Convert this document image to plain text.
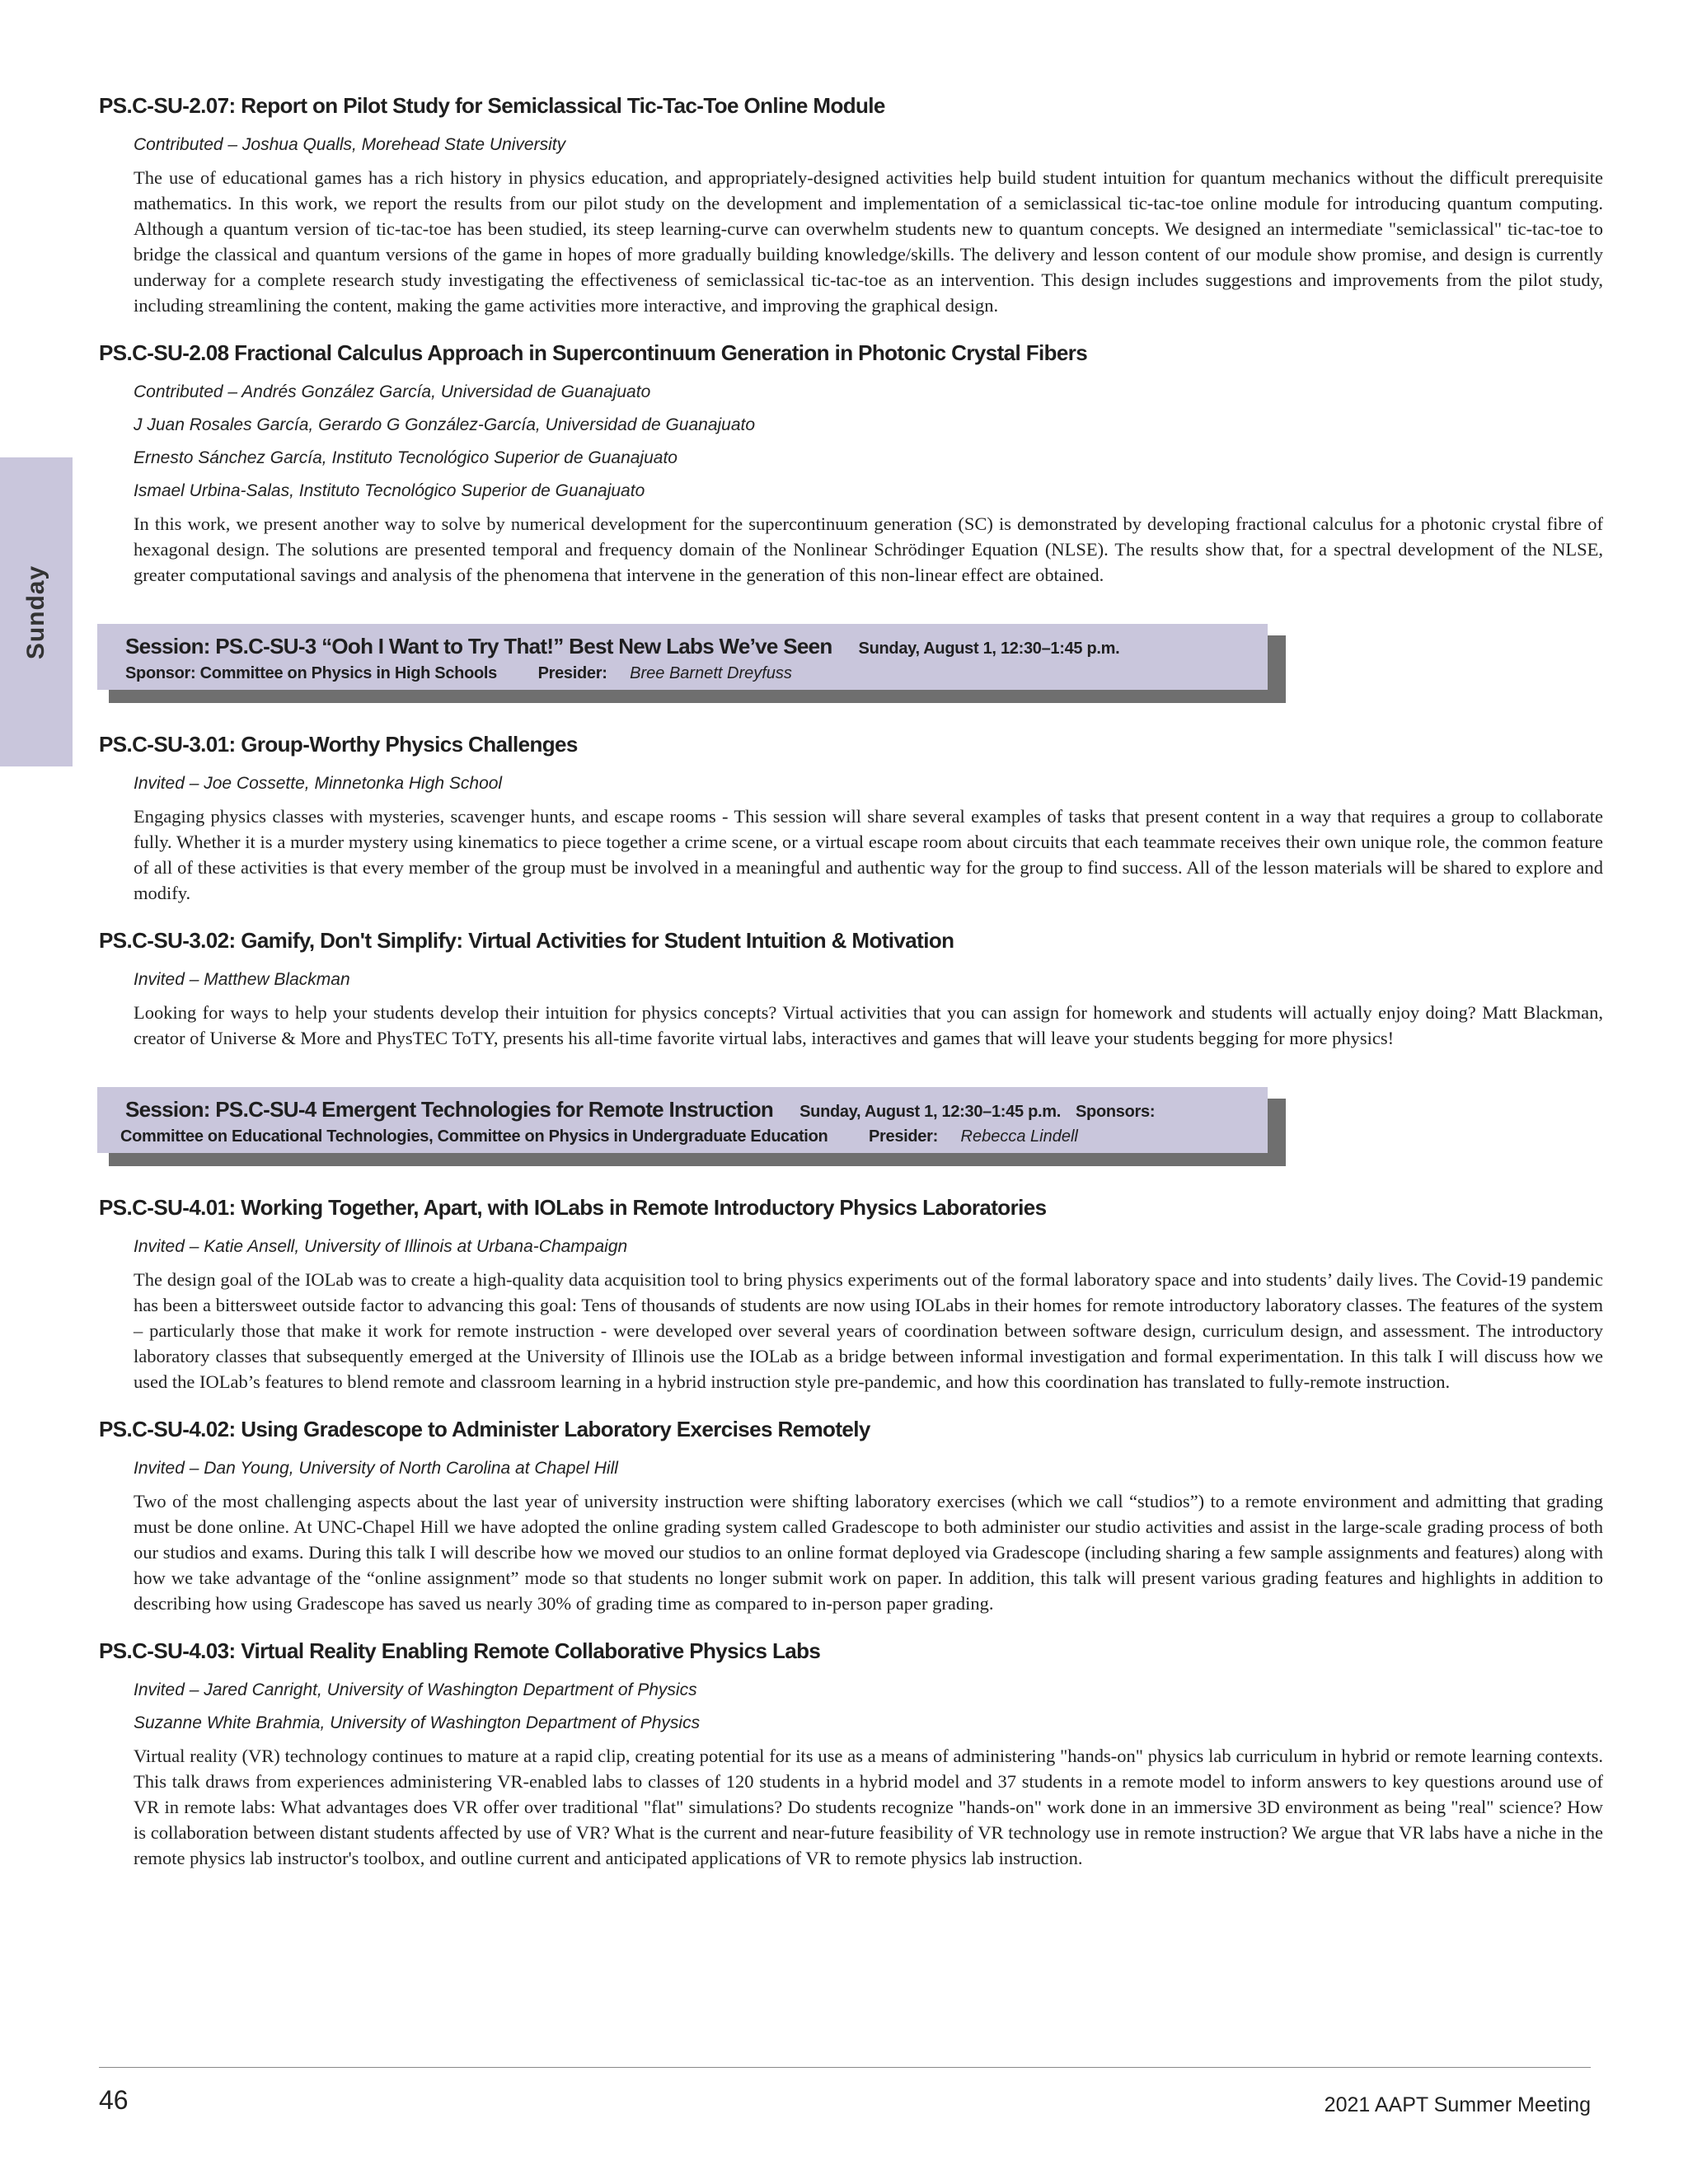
Sunday
PS.C-SU-2.07: Report on Pilot Study for Semiclassical Tic-Tac-Toe Online Module
Contributed – Joshua Qualls, Morehead State University
The use of educational games has a rich history in physics education, and appropriately-designed activities help build student intuition for quantum mechanics without the difficult prerequisite mathematics. In this work, we report the results from our pilot study on the development and implementation of a semiclassical tic-tac-toe online module for introducing quantum computing. Although a quantum version of tic-tac-toe has been studied, its steep learning-curve can overwhelm students new to quantum concepts. We designed an intermediate "semiclassical" tic-tac-toe to bridge the classical and quantum versions of the game in hopes of more gradually building knowledge/skills. The delivery and lesson content of our module show promise, and design is currently underway for a complete research study investigating the effectiveness of semiclassical tic-tac-toe as an intervention. This design includes suggestions and improvements from the pilot study, including streamlining the content, making the game activities more interactive, and improving the graphical design.
PS.C-SU-2.08 Fractional Calculus Approach in Supercontinuum Generation in Photonic Crystal Fibers
Contributed – Andrés González García, Universidad de Guanajuato
J Juan Rosales García, Gerardo G González-García, Universidad de Guanajuato
Ernesto Sánchez García, Instituto Tecnológico Superior de Guanajuato
Ismael Urbina-Salas, Instituto Tecnológico Superior de Guanajuato
In this work, we present another way to solve by numerical development for the supercontinuum generation (SC) is demonstrated by developing fractional calculus for a photonic crystal fibre of hexagonal design. The solutions are presented temporal and frequency domain of the Nonlinear Schrödinger Equation (NLSE). The results show that, for a spectral development of the NLSE, greater computational savings and analysis of the phenomena that intervene in the generation of this non-linear effect are obtained.
Session: PS.C-SU-3 “Ooh I Want to Try That!” Best New Labs We’ve Seen Sunday, August 1, 12:30–1:45 p.m.
Sponsor: Committee on Physics in High Schools Presider: Bree Barnett Dreyfuss
PS.C-SU-3.01: Group-Worthy Physics Challenges
Invited – Joe Cossette, Minnetonka High School
Engaging physics classes with mysteries, scavenger hunts, and escape rooms - This session will share several examples of tasks that present content in a way that requires a group to collaborate fully. Whether it is a murder mystery using kinematics to piece together a crime scene, or a virtual escape room about circuits that each teammate receives their own unique role, the common feature of all of these activities is that every member of the group must be involved in a meaningful and authentic way for the group to find success. All of the lesson materials will be shared to explore and modify.
PS.C-SU-3.02: Gamify, Don't Simplify: Virtual Activities for Student Intuition & Motivation
Invited – Matthew Blackman
Looking for ways to help your students develop their intuition for physics concepts? Virtual activities that you can assign for homework and students will actually enjoy doing? Matt Blackman, creator of Universe & More and PhysTEC ToTY, presents his all-time favorite virtual labs, interactives and games that will leave your students begging for more physics!
Session: PS.C-SU-4 Emergent Technologies for Remote Instruction Sunday, August 1, 12:30–1:45 p.m. Sponsors:
Committee on Educational Technologies, Committee on Physics in Undergraduate Education Presider: Rebecca Lindell
PS.C-SU-4.01: Working Together, Apart, with IOLabs in Remote Introductory Physics Laboratories
Invited – Katie Ansell, University of Illinois at Urbana-Champaign
The design goal of the IOLab was to create a high-quality data acquisition tool to bring physics experiments out of the formal laboratory space and into students’ daily lives. The Covid-19 pandemic has been a bittersweet outside factor to advancing this goal: Tens of thousands of students are now using IOLabs in their homes for remote introductory laboratory classes. The features of the system – particularly those that make it work for remote instruction - were developed over several years of coordination between software design, curriculum design, and assessment. The introductory laboratory classes that subsequently emerged at the University of Illinois use the IOLab as a bridge between informal investigation and formal experimentation. In this talk I will discuss how we used the IOLab’s features to blend remote and classroom learning in a hybrid instruction style pre-pandemic, and how this coordination has translated to fully-remote instruction.
PS.C-SU-4.02: Using Gradescope to Administer Laboratory Exercises Remotely
Invited – Dan Young, University of North Carolina at Chapel Hill
Two of the most challenging aspects about the last year of university instruction were shifting laboratory exercises (which we call “studios”) to a remote environment and admitting that grading must be done online. At UNC-Chapel Hill we have adopted the online grading system called Gradescope to both administer our studio activities and assist in the large-scale grading process of both our studios and exams. During this talk I will describe how we moved our studios to an online format deployed via Gradescope (including sharing a few sample assignments and features) along with how we take advantage of the “online assignment” mode so that students no longer submit work on paper. In addition, this talk will present various grading features and highlights in addition to describing how using Gradescope has saved us nearly 30% of grading time as compared to in-person paper grading.
PS.C-SU-4.03: Virtual Reality Enabling Remote Collaborative Physics Labs
Invited – Jared Canright, University of Washington Department of Physics
Suzanne White Brahmia, University of Washington Department of Physics
Virtual reality (VR) technology continues to mature at a rapid clip, creating potential for its use as a means of administering "hands-on" physics lab curriculum in hybrid or remote learning contexts. This talk draws from experiences administering VR-enabled labs to classes of 120 students in a hybrid model and 37 students in a remote model to inform answers to key questions around use of VR in remote labs: What advantages does VR offer over traditional "flat" simulations? Do students recognize "hands-on" work done in an immersive 3D environment as being "real" science? How is collaboration between distant students affected by use of VR? What is the current and near-future feasibility of VR technology use in remote instruction? We argue that VR labs have a niche in the remote physics lab instructor's toolbox, and outline current and anticipated applications of VR to remote physics lab instruction.
46	2021 AAPT Summer Meeting
